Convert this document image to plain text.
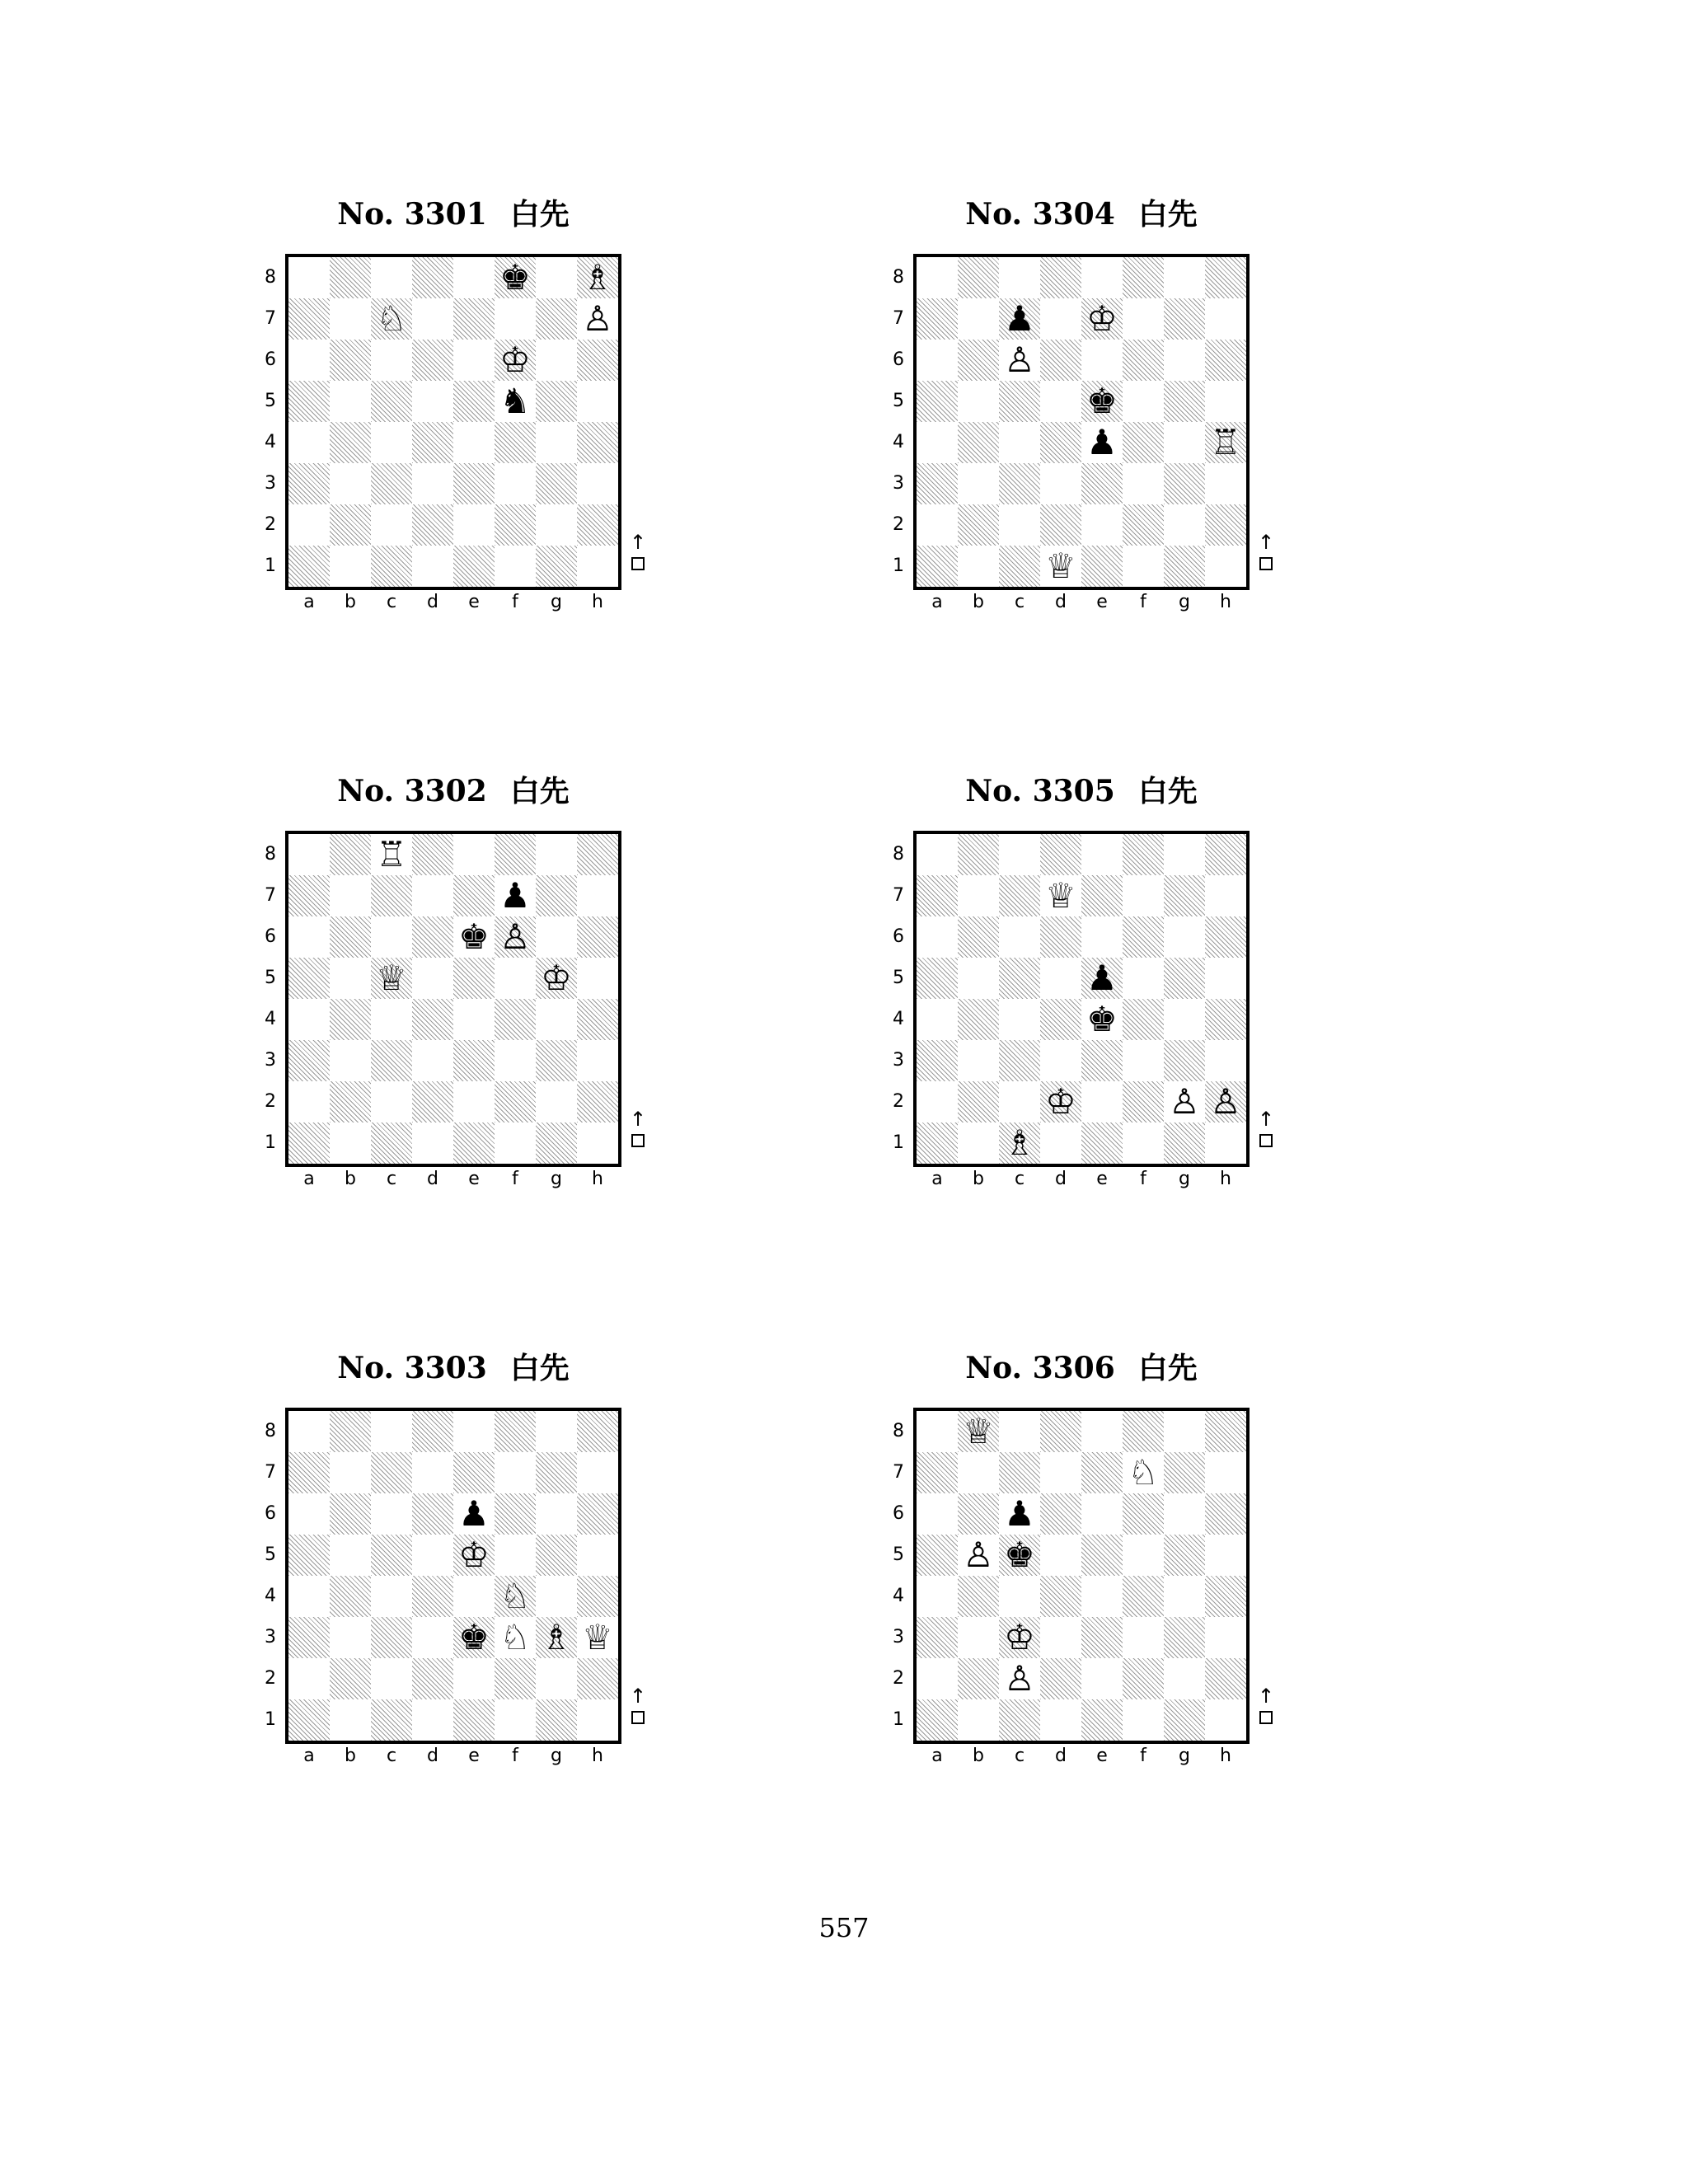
No. 3301 白先
♚ ♗
♘	♙
♔
♞
8
7
6
5
4
3
2
1
a	b	c	d	e	f	g	h
↑
No. 3302 白先
♖
♟
♚ ♙
♕	♔
8
7
6
5
4
3
2
1
a	b	c	d	e	f	g	h
↑
No. 3303 白先
♟
♔
♘
♚ ♘ ♗ ♕
8
7
6
5
4
3
2
1
a	b	c	d	e	f	g	h
↑
No. 3304 白先
♟ ♔
♙
♚
♟	♖
♕
8
7
6
5
4
3
2
1
a	b	c	d	e	f	g	h
↑
No. 3305 白先
♕
♟
♚
♔	♙ ♙
♗
8
7
6
5
4
3
2
1
a	b	c	d	e	f	g	h
↑
No. 3306 白先
♕
♘
♟
♙ ♚
♔
♙
8
7
6
5
4
3
2
1
a	b	c	d	e	f	g	h
↑
557
